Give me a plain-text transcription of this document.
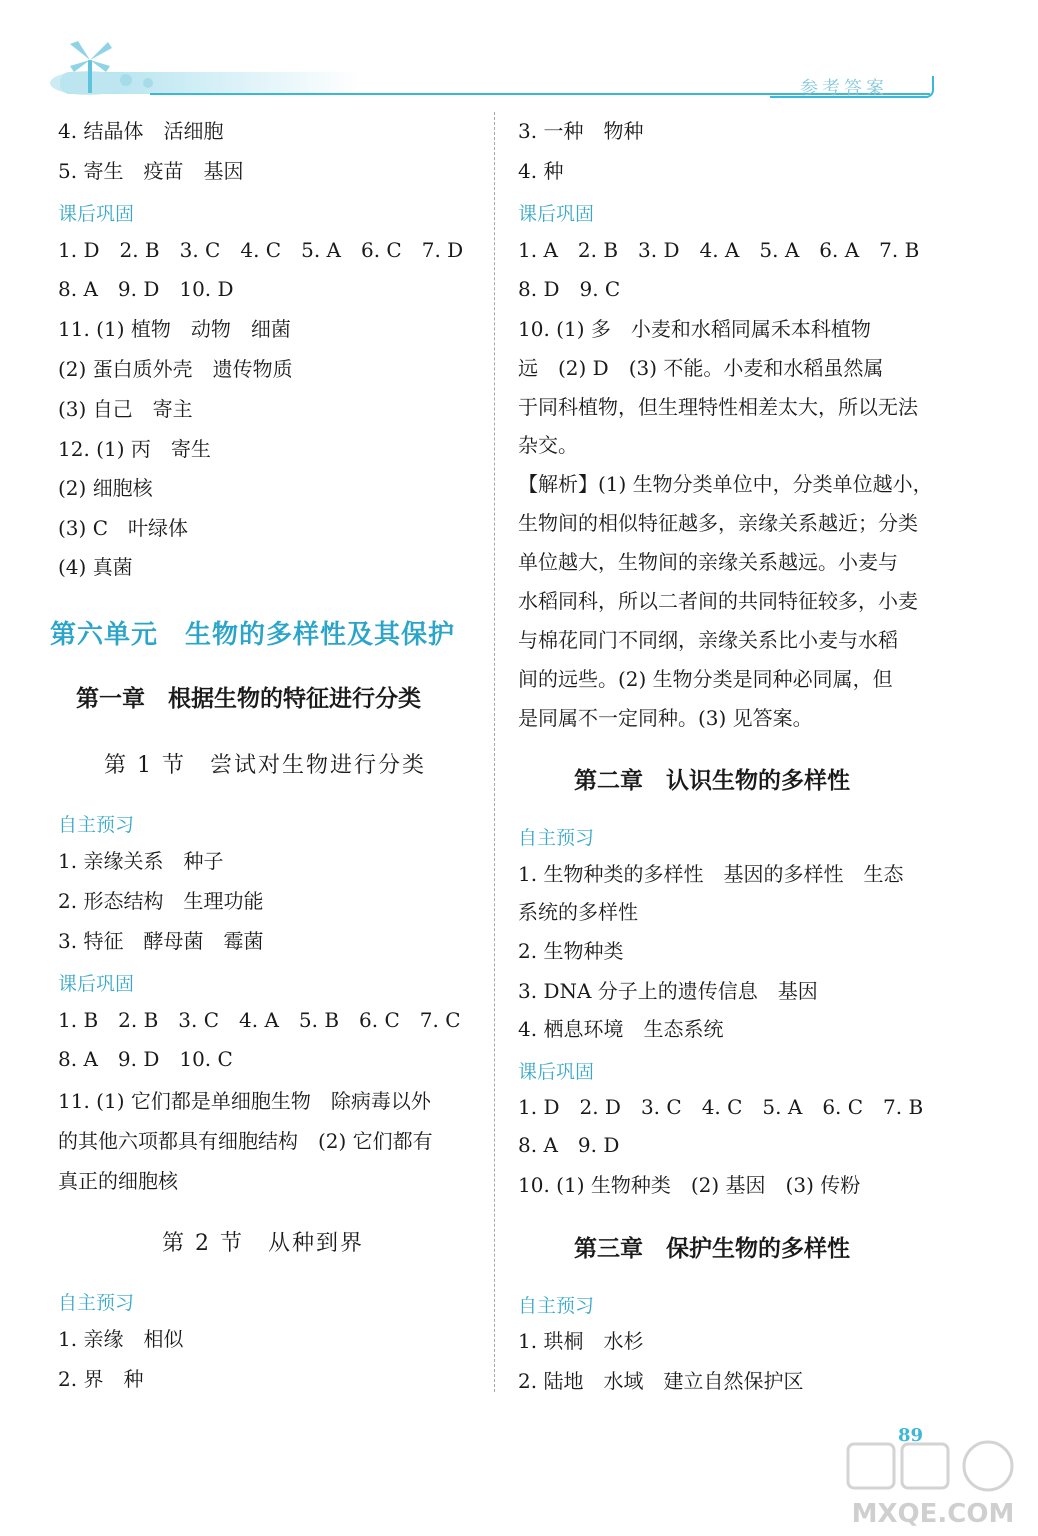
参考答案
4. 结晶体　活细胞
5. 寄生　疫苗　基因
课后巩固
1. D　2. B　3. C　4. C　5. A　6. C　7. D
8. A　9. D　10. D
11. (1) 植物　动物　细菌
(2) 蛋白质外壳　遗传物质
(3) 自己　寄主
12. (1) 丙　寄生
(2) 细胞核
(3) C　叶绿体
(4) 真菌
第六单元　生物的多样性及其保护
第一章　根据生物的特征进行分类
第 1 节　尝试对生物进行分类
自主预习
1. 亲缘关系　种子
2. 形态结构　生理功能
3. 特征　酵母菌　霉菌
课后巩固
1. B　2. B　3. C　4. A　5. B　6. C　7. C
8. A　9. D　10. C
11. (1) 它们都是单细胞生物　除病毒以外
的其他六项都具有细胞结构　(2) 它们都有
真正的细胞核
第 2 节　从种到界
自主预习
1. 亲缘　相似
2. 界　种
3. 一种　物种
4. 种
课后巩固
1. A　2. B　3. D　4. A　5. A　6. A　7. B
8. D　9. C
10. (1) 多　小麦和水稻同属禾本科植物
远　(2) D　(3) 不能。小麦和水稻虽然属
于同科植物，但生理特性相差太大，所以无法
杂交。
【解析】(1) 生物分类单位中，分类单位越小，
生物间的相似特征越多，亲缘关系越近；分类
单位越大，生物间的亲缘关系越远。小麦与
水稻同科，所以二者间的共同特征较多，小麦
与棉花同门不同纲，亲缘关系比小麦与水稻
间的远些。(2) 生物分类是同种必同属，但
是同属不一定同种。(3) 见答案。
第二章　认识生物的多样性
自主预习
1. 生物种类的多样性　基因的多样性　生态
系统的多样性
2. 生物种类
3. DNA 分子上的遗传信息　基因
4. 栖息环境　生态系统
课后巩固
1. D　2. D　3. C　4. C　5. A　6. C　7. B
8. A　9. D
10. (1) 生物种类　(2) 基因　(3) 传粉
第三章　保护生物的多样性
自主预习
1. 珙桐　水杉
2. 陆地　水域　建立自然保护区
89
MXQE.COM
